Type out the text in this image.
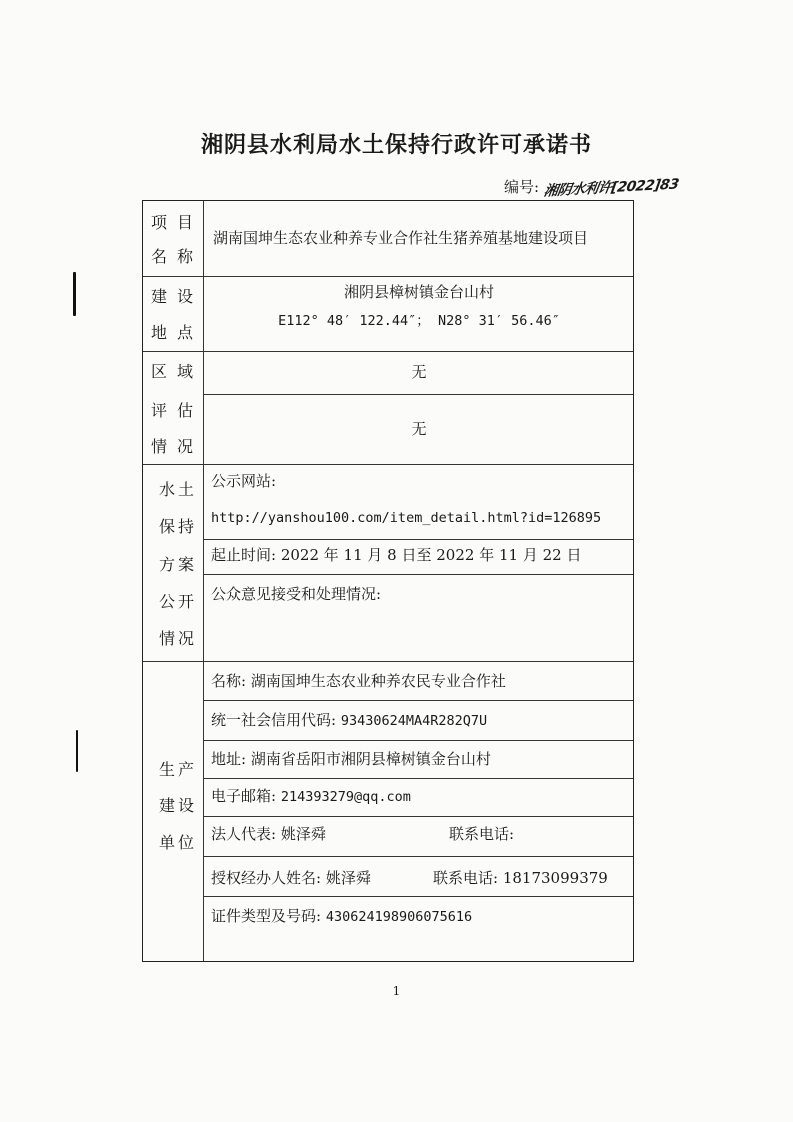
湘阴县水利局水土保持行政许可承诺书
编号: 湘阴水利许[2022]83
项目
名称
湖南国坤生态农业种养专业合作社生猪养殖基地建设项目
建设
地点
湘阴县樟树镇金台山村
E112° 48′ 122.44″； N28° 31′ 56.46″
区域
评估
情况
无
无
水土
保持
方案
公开
情况
公示网站:
http://yanshou100.com/item_detail.html?id=126895
起止时间: 2022 年 11 月 8 日至 2022 年 11 月 22 日
公众意见接受和处理情况:
生产
建设
单位
名称: 湖南国坤生态农业种养农民专业合作社
统一社会信用代码: 93430624MA4R282Q7U
地址: 湖南省岳阳市湘阴县樟树镇金台山村
电子邮箱: 214393279@qq.com
法人代表: 姚泽舜	联系电话:
授权经办人姓名: 姚泽舜	联系电话: 18173099379
证件类型及号码: 430624198906075616
1
